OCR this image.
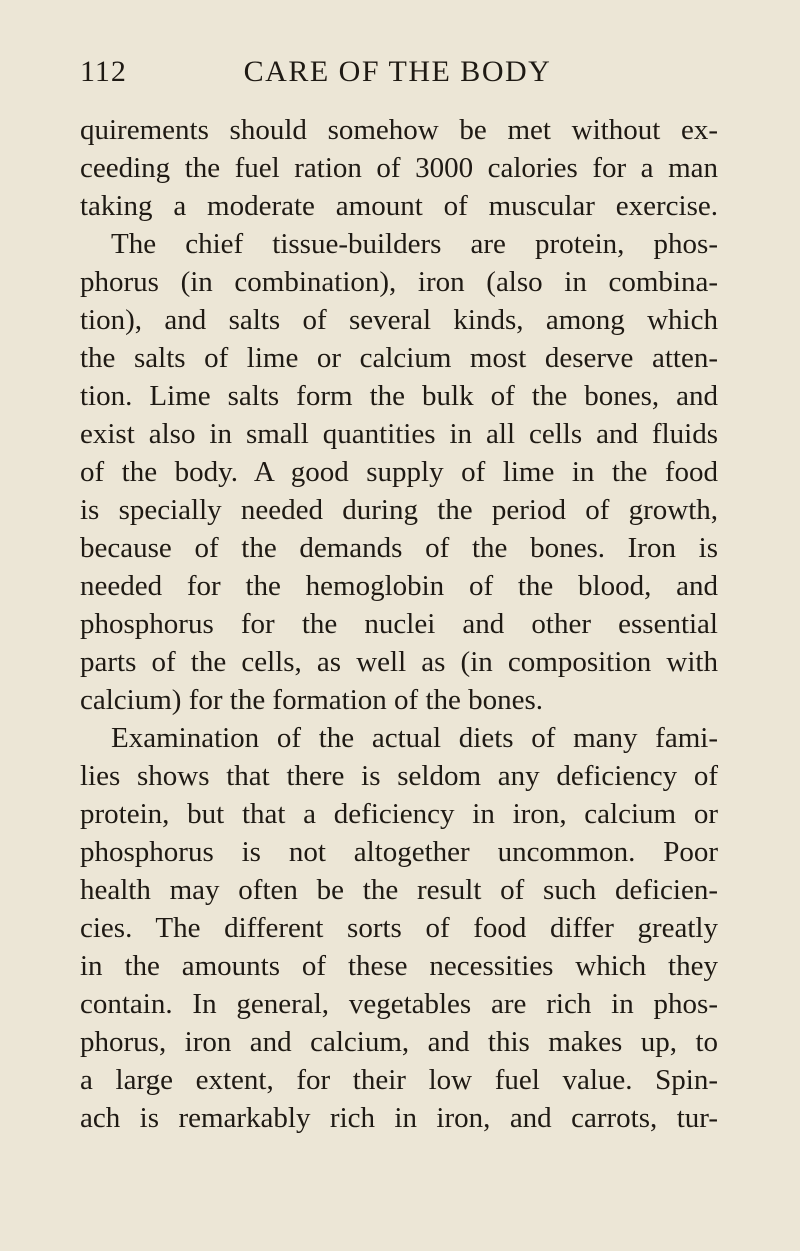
112	CARE OF THE BODY
quirements should somehow be met without ex-
ceeding the fuel ration of 3000 calories for a man
taking a moderate amount of muscular exercise.
The chief tissue-builders are protein, phos-
phorus (in combination), iron (also in combina-
tion), and salts of several kinds, among which
the salts of lime or calcium most deserve atten-
tion. Lime salts form the bulk of the bones, and
exist also in small quantities in all cells and fluids
of the body. A good supply of lime in the food
is specially needed during the period of growth,
because of the demands of the bones. Iron is
needed for the hemoglobin of the blood, and
phosphorus for the nuclei and other essential
parts of the cells, as well as (in composition with
calcium) for the formation of the bones.
Examination of the actual diets of many fami-
lies shows that there is seldom any deficiency of
protein, but that a deficiency in iron, calcium or
phosphorus is not altogether uncommon. Poor
health may often be the result of such deficien-
cies. The different sorts of food differ greatly
in the amounts of these necessities which they
contain. In general, vegetables are rich in phos-
phorus, iron and calcium, and this makes up, to
a large extent, for their low fuel value. Spin-
ach is remarkably rich in iron, and carrots, tur-
